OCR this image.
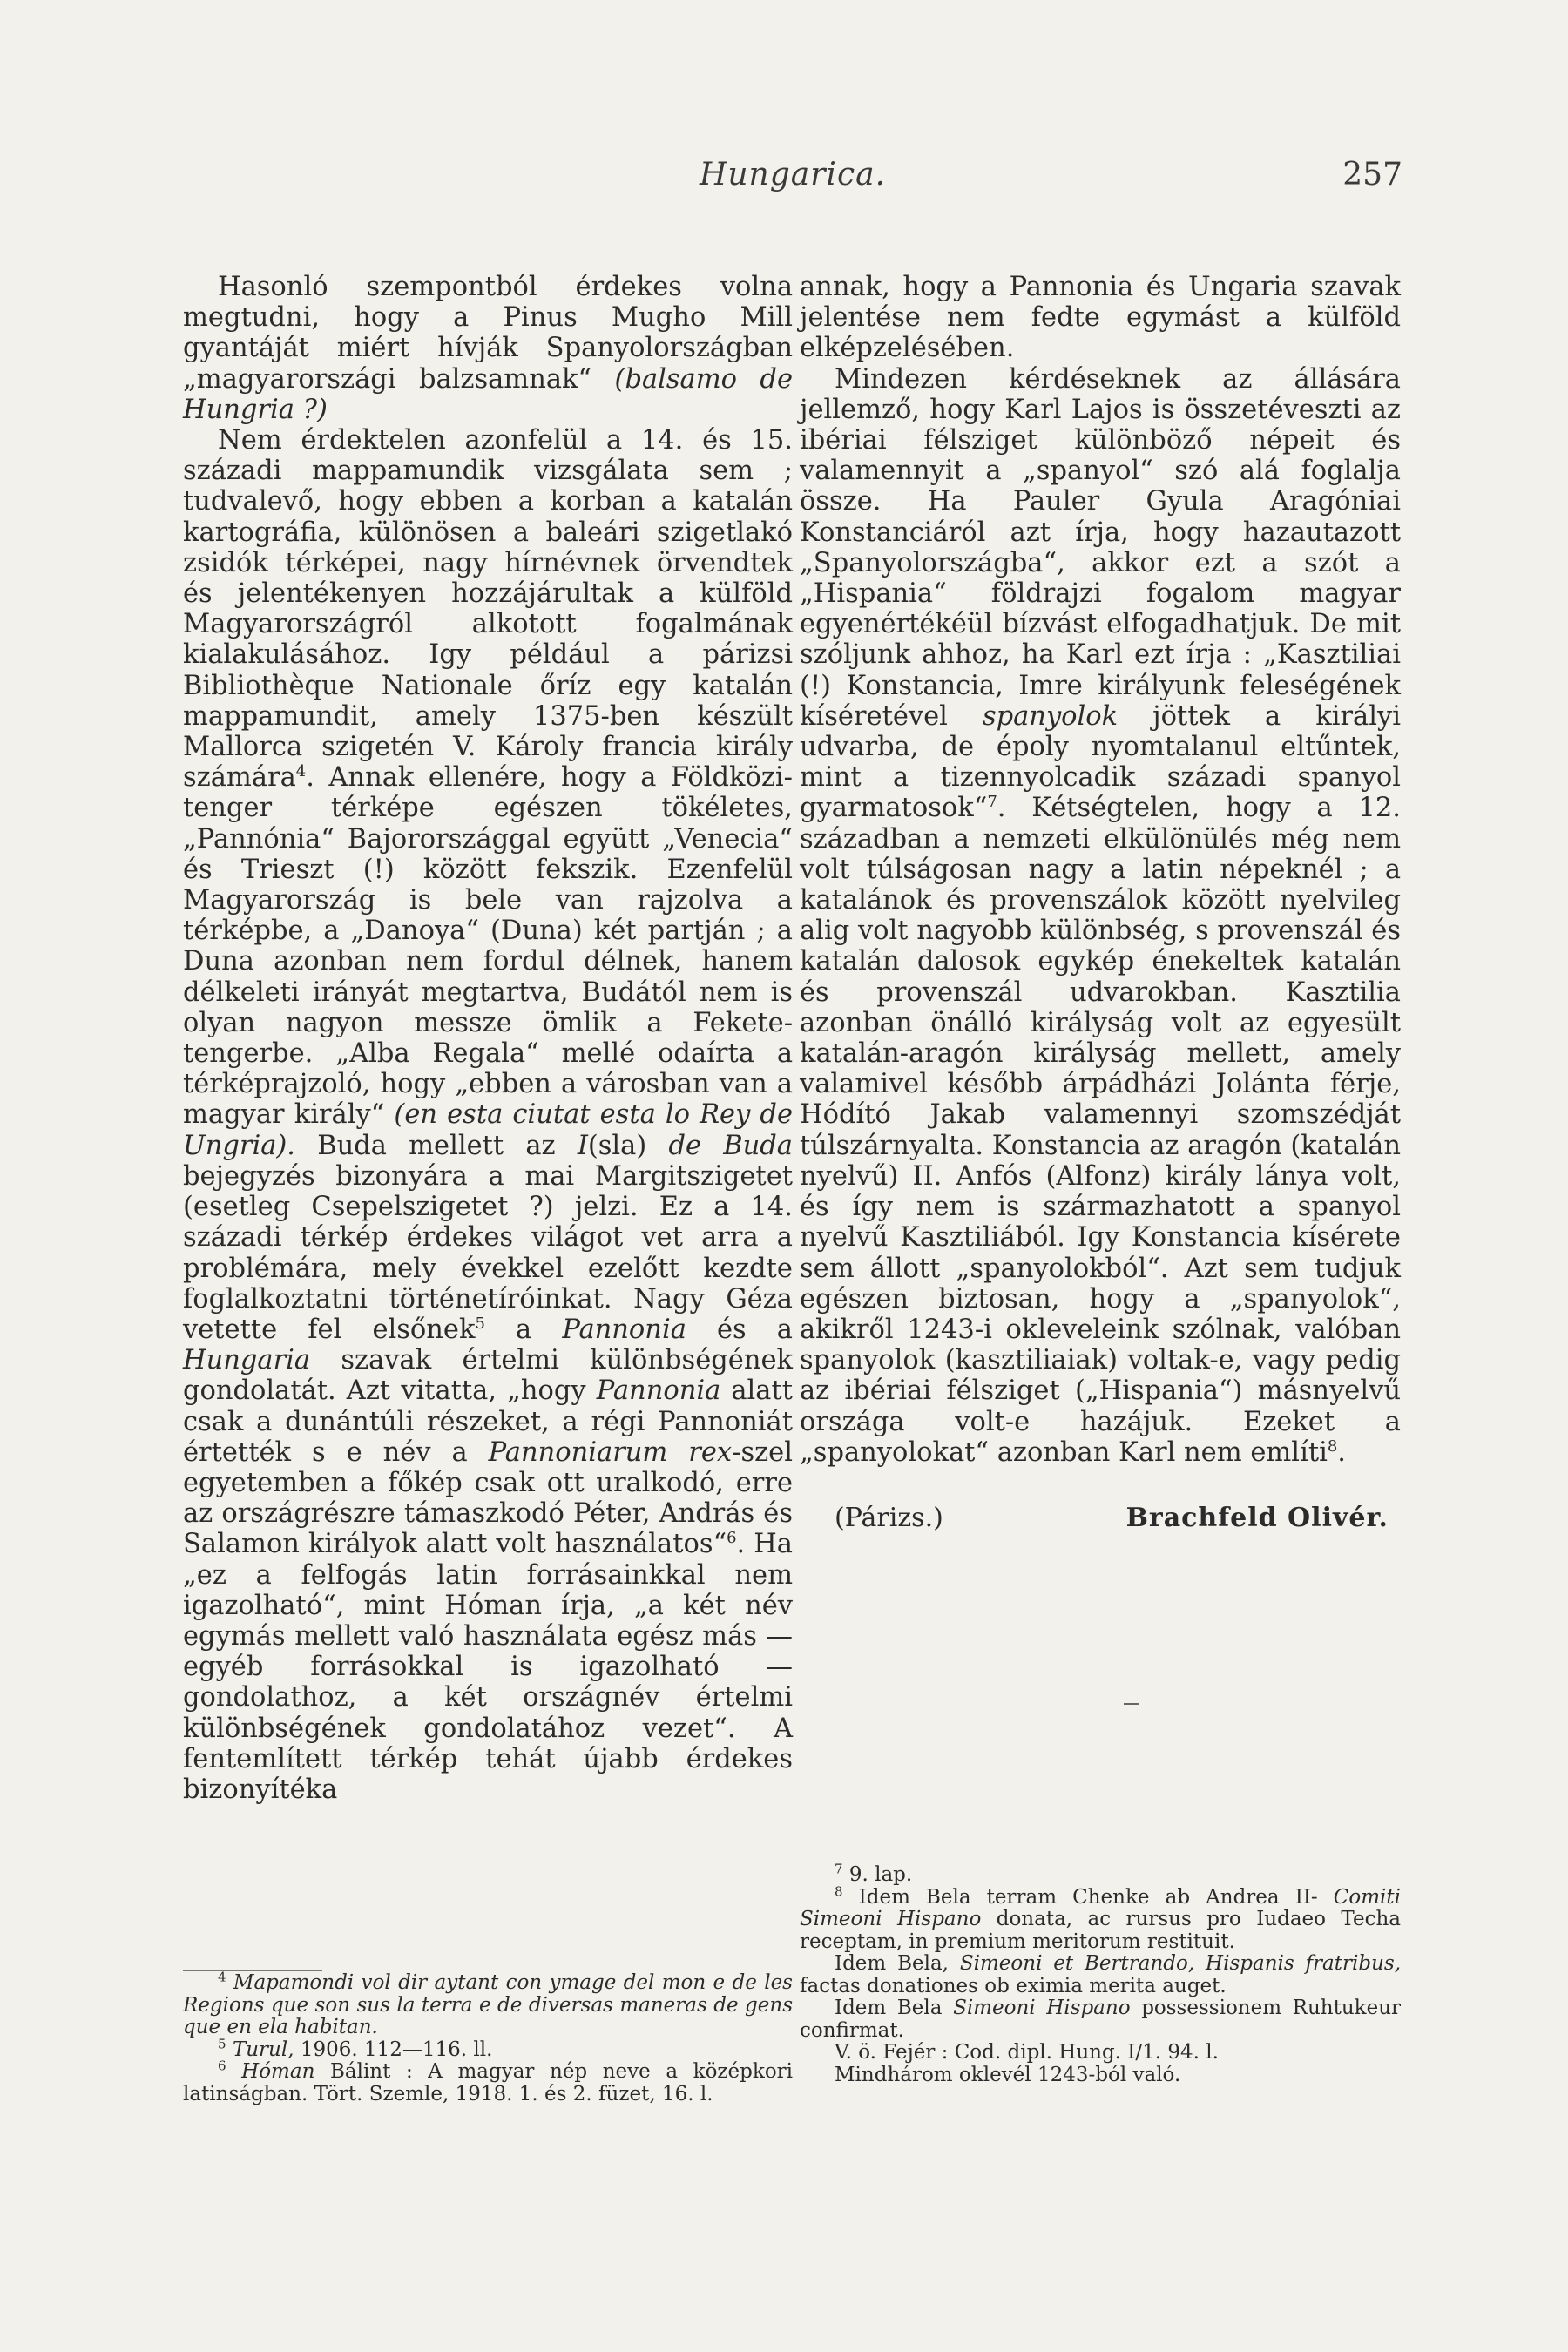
Hungarica.	257

Hasonló szempontból érdekes volna megtudni, hogy a Pinus Mugho Mill gyantáját miért hívják Spanyolországban „magyarországi balzsamnak“ (balsamo de Hungria ?)

Nem érdektelen azonfelül a 14. és 15. századi mappamundik vizsgálata sem ; tudvalevő, hogy ebben a korban a katalán kartográfia, különösen a baleári szigetlakó zsidók térképei, nagy hírnévnek örvendtek és jelentékenyen hozzájárultak a külföld Magyarországról alkotott fogalmának kialakulásához. Igy például a párizsi Bibliothèque Nationale őríz egy katalán mappamundit, amely 1375-ben készült Mallorca szigetén V. Károly francia király számára$^4$. Annak ellenére, hogy a Földközi-tenger térképe egészen tökéletes, „Pannónia“ Bajorországgal együtt „Venecia“ és Trieszt (!) között fekszik. Ezenfelül Magyarország is bele van rajzolva a térképbe, a „Danoya“ (Duna) két partján ; a Duna azonban nem fordul délnek, hanem délkeleti irányát megtartva, Budától nem is olyan nagyon messze ömlik a Fekete-tengerbe. „Alba Regala“ mellé odaírta a térképrajzoló, hogy „ebben a városban van a magyar király“ (en esta ciutat esta lo Rey de Ungria). Buda mellett az I(sla) de Buda bejegyzés bizonyára a mai Margitszigetet (esetleg Csepelszigetet ?) jelzi. Ez a 14. századi térkép érdekes világot vet arra a problémára, mely évekkel ezelőtt kezdte foglalkoztatni történetíróinkat. Nagy Géza vetette fel elsőnek$^5$ a Pannonia és a Hungaria szavak értelmi különbségének gondolatát. Azt vitatta, „hogy Pannonia alatt csak a dunántúli részeket, a régi Pannoniát értették s e név a Pannoniarum rex-szel egyetemben a főkép csak ott uralkodó, erre az országrészre támaszkodó Péter, András és Salamon királyok alatt volt használatos“$^6$. Ha „ez a felfogás latin forrásainkkal nem igazolható“, mint Hóman írja, „a két név egymás mellett való használata egész más — egyéb forrásokkal is igazolható — gondolathoz, a két országnév értelmi különbségének gondolatához vezet“. A fentemlített térkép tehát újabb érdekes bizonyítéka

annak, hogy a Pannonia és Ungaria szavak jelentése nem fedte egymást a külföld elképzelésében.

Mindezen kérdéseknek az állására jellemző, hogy Karl Lajos is összetéveszti az ibériai félsziget különböző népeit és valamennyit a „spanyol“ szó alá foglalja össze. Ha Pauler Gyula Aragóniai Konstanciáról azt írja, hogy hazautazott „Spanyolországba“, akkor ezt a szót a „Hispania“ földrajzi fogalom magyar egyenértékéül bízvást elfogadhatjuk. De mit szóljunk ahhoz, ha Karl ezt írja : „Kasztiliai (!) Konstancia, Imre királyunk feleségének kíséretével spanyolok jöttek a királyi udvarba, de époly nyomtalanul eltűntek, mint a tizennyolcadik századi spanyol gyarmatosok“$^7$. Kétségtelen, hogy a 12. században a nemzeti elkülönülés még nem volt túlságosan nagy a latin népeknél ; a katalánok és provenszálok között nyelvileg alig volt nagyobb különbség, s provenszál és katalán dalosok egykép énekeltek katalán és provenszál udvarokban. Kasztilia azonban önálló királyság volt az egyesült katalán-aragón királyság mellett, amely valamivel később árpádházi Jolánta férje, Hódító Jakab valamennyi szomszédját túlszárnyalta. Konstancia az aragón (katalán nyelvű) II. Anfós (Alfonz) király lánya volt, és így nem is származhatott a spanyol nyelvű Kasztiliából. Igy Konstancia kísérete sem állott „spanyolokból“. Azt sem tudjuk egészen biztosan, hogy a „spanyolok“, akikről 1243-i okleveleink szólnak, valóban spanyolok (kasztiliaiak) voltak-e, vagy pedig az ibériai félsziget („Hispania“) másnyelvű országa volt-e hazájuk. Ezeket a „spanyolokat“ azonban Karl nem említi$^8$.

(Párizs.)	Brachfeld Olivér.

$^4$ Mapamondi vol dir aytant con ymage del mon e de les Regions que son sus la terra e de diversas maneras de gens que en ela habitan.

$^5$ Turul, 1906. 112—116. ll.

$^6$ Hóman Bálint : A magyar nép neve a középkori latinságban. Tört. Szemle, 1918. 1. és 2. füzet, 16. l.

$^7$ 9. lap.

$^8$ Idem Bela terram Chenke ab Andrea II- Comiti Simeoni Hispano donata, ac rursus pro Iudaeo Techa receptam, in premium meritorum restituit.

Idem Bela, Simeoni et Bertrando, Hispanis fratribus, factas donationes ob eximia merita auget.

Idem Bela Simeoni Hispano possessionem Ruhtukeur confirmat.

V. ö. Fejér : Cod. dipl. Hung. I/1. 94. l.

Mindhárom oklevél 1243-ból való.
